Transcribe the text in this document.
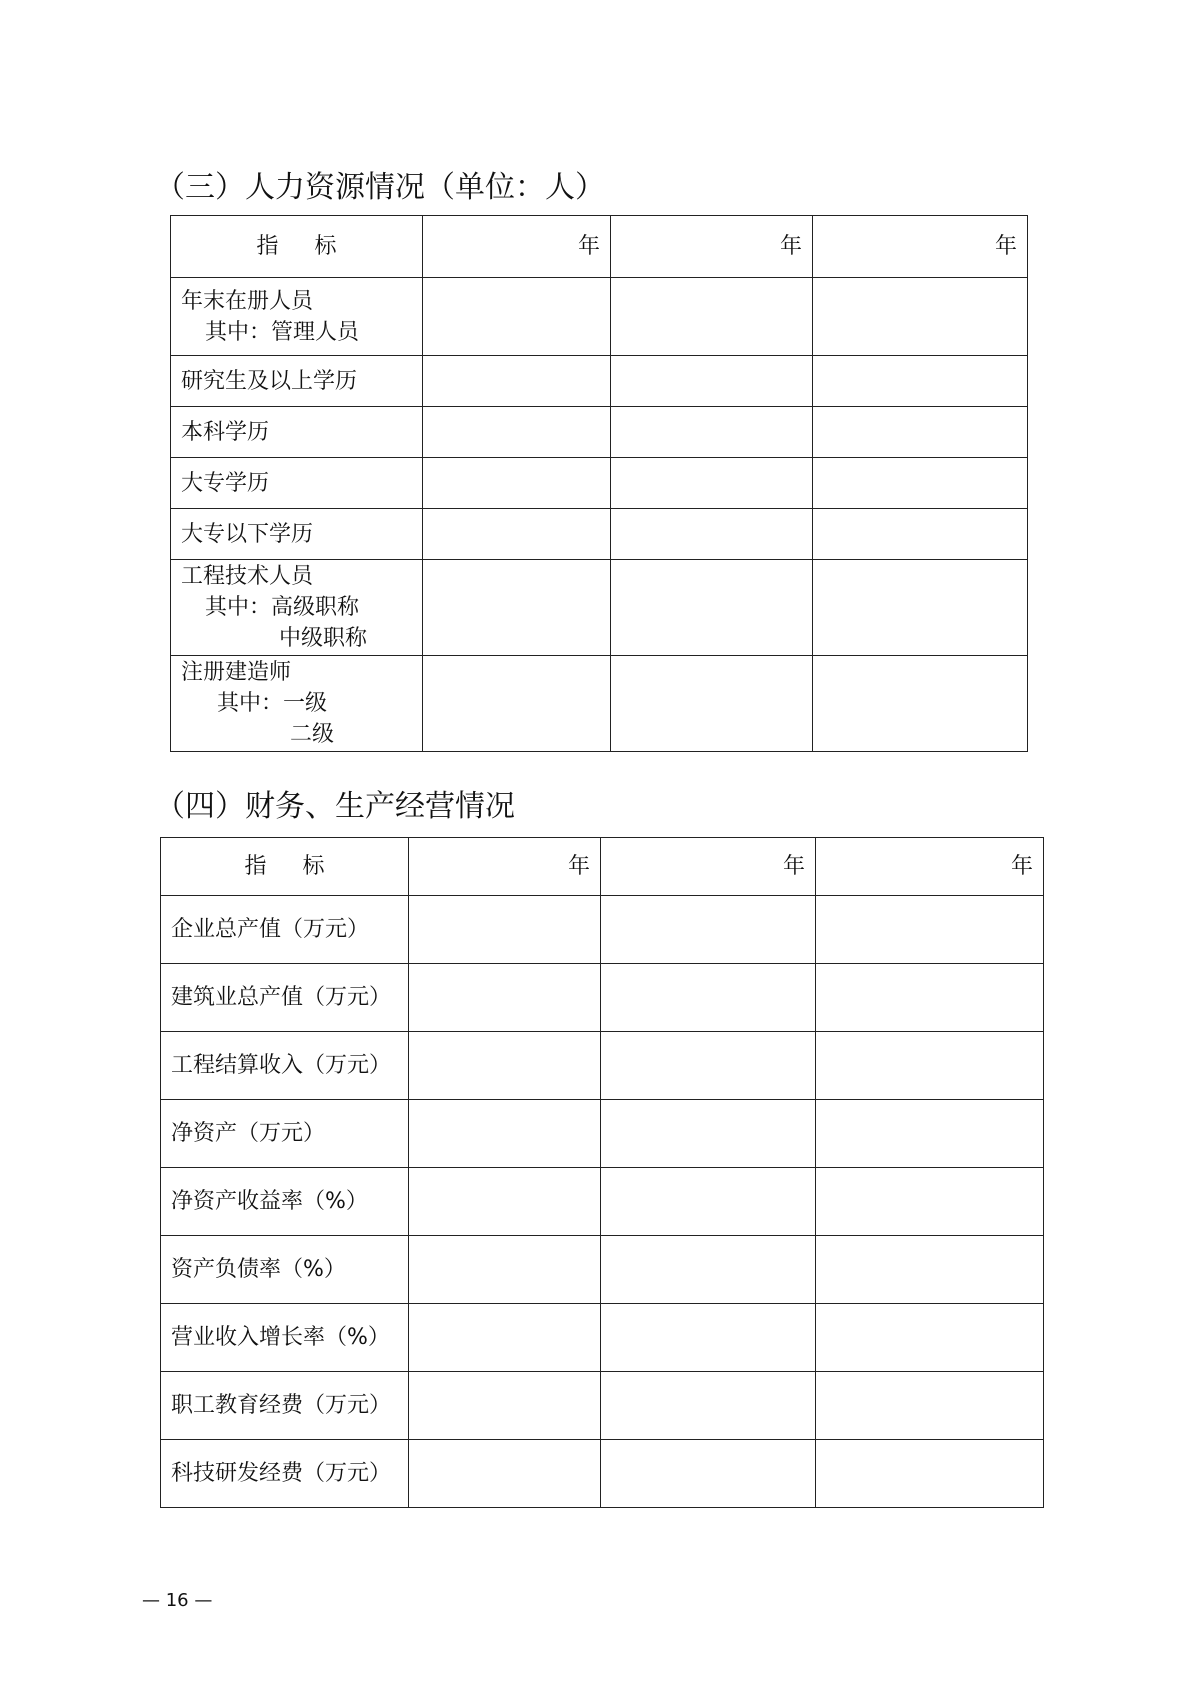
（三）人力资源情况（单位：人）
指 标	年	年	年

年末在册人员
其中：管理人员			

研究生及以上学历			
本科学历			
大专学历			
大专以下学历			

工程技术人员
其中：高级职称
中级职称			

注册建造师
其中：一级
二级			

（四）财务、生产经营情况
指 标	年	年	年
企业总产值（万元）			
建筑业总产值（万元）			
工程结算收入（万元）			
净资产（万元）			
净资产收益率（%）			
资产负债率（%）			
营业收入增长率（%）			
职工教育经费（万元）			
科技研发经费（万元）			
— 16 —
